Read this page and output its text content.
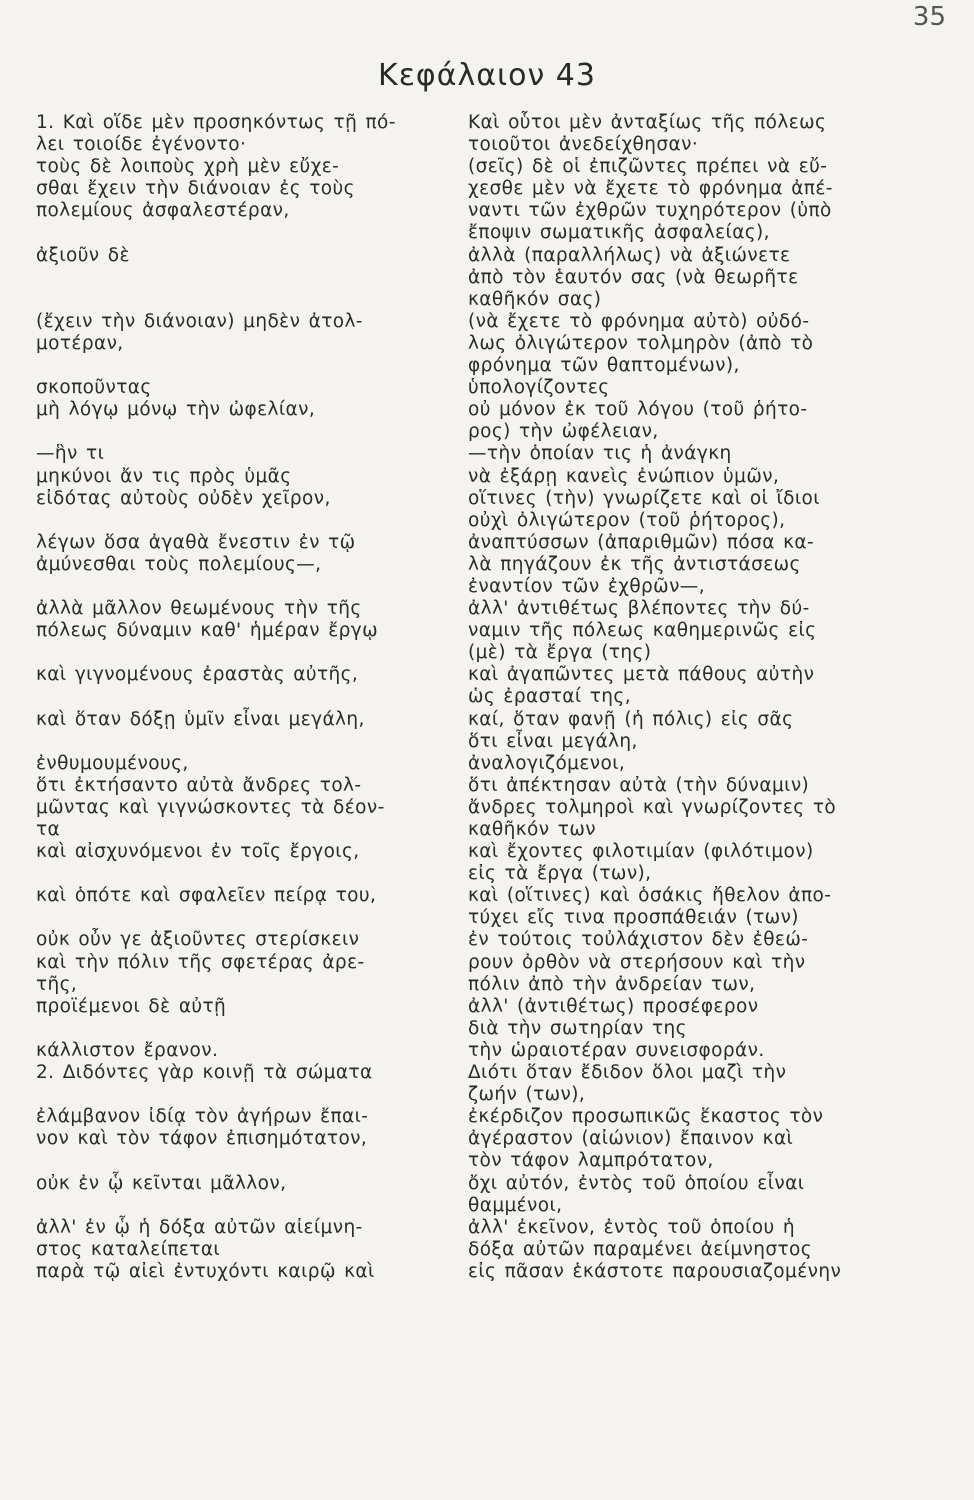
35
Κεφάλαιον 43
1. Καὶ οἵδε μὲν προσηκόντως τῇ πό-
λει τοιοίδε ἐγένοντο·
τοὺς δὲ λοιποὺς χρὴ μὲν εὔχε-
σθαι ἔχειν τὴν διάνοιαν ἐς τοὺς
πολεμίους ἀσφαλεστέραν,
ἀξιοῦν δὲ
(ἔχειν τὴν διάνοιαν) μηδὲν ἀτολ-
μοτέραν,
σκοποῦντας
μὴ λόγῳ μόνῳ τὴν ὠφελίαν,
—ἣν τι
μηκύνοι ἄν τις πρὸς ὑμᾶς
εἰδότας αὐτοὺς οὐδὲν χεῖρον,
λέγων ὅσα ἀγαθὰ ἔνεστιν ἐν τῷ
ἀμύνεσθαι τοὺς πολεμίους—,
ἀλλὰ μᾶλλον θεωμένους τὴν τῆς
πόλεως δύναμιν καθ' ἡμέραν ἔργῳ
καὶ γιγνομένους ἐραστὰς αὐτῆς,
καὶ ὅταν δόξῃ ὑμῖν εἶναι μεγάλη,
ἐνθυμουμένους,
ὅτι ἐκτήσαντο αὐτὰ ἄνδρες τολ-
μῶντας καὶ γιγνώσκοντες τὰ δέον-
τα
καὶ αἰσχυνόμενοι ἐν τοῖς ἔργοις,
καὶ ὁπότε καὶ σφαλεῖεν πείρᾳ του,
οὐκ οὖν γε ἀξιοῦντες στερίσκειν
καὶ τὴν πόλιν τῆς σφετέρας ἀρε-
τῆς,
προϊέμενοι δὲ αὐτῇ
κάλλιστον ἔρανον.
2. Διδόντες γὰρ κοινῇ τὰ σώματα
ἐλάμβανον ἰδίᾳ τὸν ἀγήρων ἔπαι-
νον καὶ τὸν τάφον ἐπισημότατον,
οὐκ ἐν ᾧ κεῖνται μᾶλλον,
ἀλλ' ἐν ᾧ ἡ δόξα αὐτῶν αἰείμνη-
στος καταλείπεται
παρὰ τῷ αἰεὶ ἐντυχόντι καιρῷ καὶ
Καὶ οὗτοι μὲν ἀνταξίως τῆς πόλεως
τοιοῦτοι ἀνεδείχθησαν·
(σεῖς) δὲ οἱ ἐπιζῶντες πρέπει νὰ εὔ-
χεσθε μὲν νὰ ἔχετε τὸ φρόνημα ἀπέ-
ναντι τῶν ἐχθρῶν τυχηρότερον (ὑπὸ
ἔποψιν σωματικῆς ἀσφαλείας),
ἀλλὰ (παραλλήλως) νὰ ἀξιώνετε
ἀπὸ τὸν ἑαυτόν σας (νὰ θεωρῆτε
καθῆκόν σας)
(νὰ ἔχετε τὸ φρόνημα αὐτὸ) οὐδό-
λως ὀλιγώτερον τολμηρὸν (ἀπὸ τὸ
φρόνημα τῶν θαπτομένων),
ὑπολογίζοντες
οὐ μόνον ἐκ τοῦ λόγου (τοῦ ῥήτο-
ρος) τὴν ὠφέλειαν,
—τὴν ὁποίαν τις ἡ ἀνάγκη
νὰ ἐξάρῃ κανεὶς ἐνώπιον ὑμῶν,
οἵτινες (τὴν) γνωρίζετε καὶ οἱ ἴδιοι
οὐχὶ ὀλιγώτερον (τοῦ ῥήτορος),
ἀναπτύσσων (ἀπαριθμῶν) πόσα κα-
λὰ πηγάζουν ἐκ τῆς ἀντιστάσεως
ἐναντίον τῶν ἐχθρῶν—,
ἀλλ' ἀντιθέτως βλέποντες τὴν δύ-
ναμιν τῆς πόλεως καθημερινῶς εἰς
(μὲ) τὰ ἔργα (της)
καὶ ἀγαπῶντες μετὰ πάθους αὐτὴν
ὡς ἐρασταί της,
καί, ὅταν φανῇ (ἡ πόλις) εἰς σᾶς
ὅτι εἶναι μεγάλη,
ἀναλογιζόμενοι,
ὅτι ἀπέκτησαν αὐτὰ (τὴν δύναμιν)
ἄνδρες τολμηροὶ καὶ γνωρίζοντες τὸ
καθῆκόν των
καὶ ἔχοντες φιλοτιμίαν (φιλότιμον)
εἰς τὰ ἔργα (των),
καὶ (οἵτινες) καὶ ὁσάκις ἤθελον ἀπο-
τύχει εἴς τινα προσπάθειάν (των)
ἐν τούτοις τοὐλάχιστον δὲν ἐθεώ-
ρουν ὀρθὸν νὰ στερήσουν καὶ τὴν
πόλιν ἀπὸ τὴν ἀνδρείαν των,
ἀλλ' (ἀντιθέτως) προσέφερον
διὰ τὴν σωτηρίαν της
τὴν ὡραιοτέραν συνεισφοράν.
Διότι ὅταν ἔδιδον ὅλοι μαζὶ τὴν
ζωήν (των),
ἐκέρδιζον προσωπικῶς ἕκαστος τὸν
ἀγέραστον (αἰώνιον) ἔπαινον καὶ
τὸν τάφον λαμπρότατον,
ὄχι αὐτόν, ἐντὸς τοῦ ὁποίου εἶναι
θαμμένοι,
ἀλλ' ἐκεῖνον, ἐντὸς τοῦ ὁποίου ἡ
δόξα αὐτῶν παραμένει ἀείμνηστος
εἰς πᾶσαν ἑκάστοτε παρουσιαζομένην
